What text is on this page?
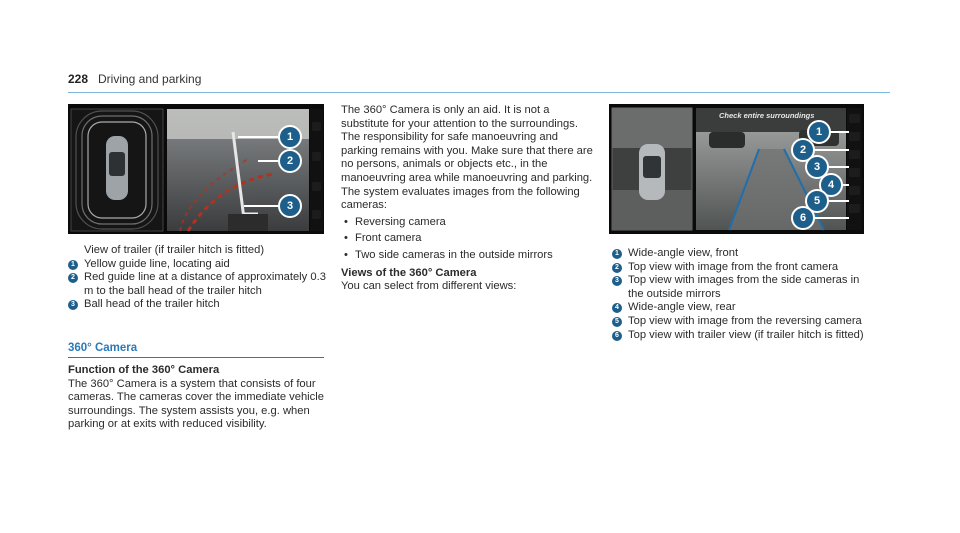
228 Driving and parking
1
2
3

View of trailer (if trailer hitch is fitted)

1 Yellow guide line, locating aid
2 Red guide line at a distance of approximately 0.3 m to the ball head of the trailer hitch
3 Ball head of the trailer hitch
360° Camera

Function of the 360° Camera

The 360° Camera is a system that consists of four cameras. The cameras cover the immediate vehicle surroundings. The system assists you, e.g. when parking or at exits with reduced visibility.

The 360° Camera is only an aid. It is not a substitute for your attention to the surroundings. The responsibility for safe manoeuvring and parking remains with you. Make sure that there are no persons, animals or objects etc., in the manoeuvring area while manoeuvring and parking.

The system evaluates images from the following cameras:

• Reversing camera
• Front camera
• Two side cameras in the outside mirrors

Views of the 360° Camera

You can select from different views:

Check entire surroundings
1
2
3
4
5
6
1 Wide-angle view, front
2 Top view with image from the front camera
3 Top view with images from the side cameras in the outside mirrors
4 Wide-angle view, rear
5 Top view with image from the reversing camera
6 Top view with trailer view (if trailer hitch is fitted)
